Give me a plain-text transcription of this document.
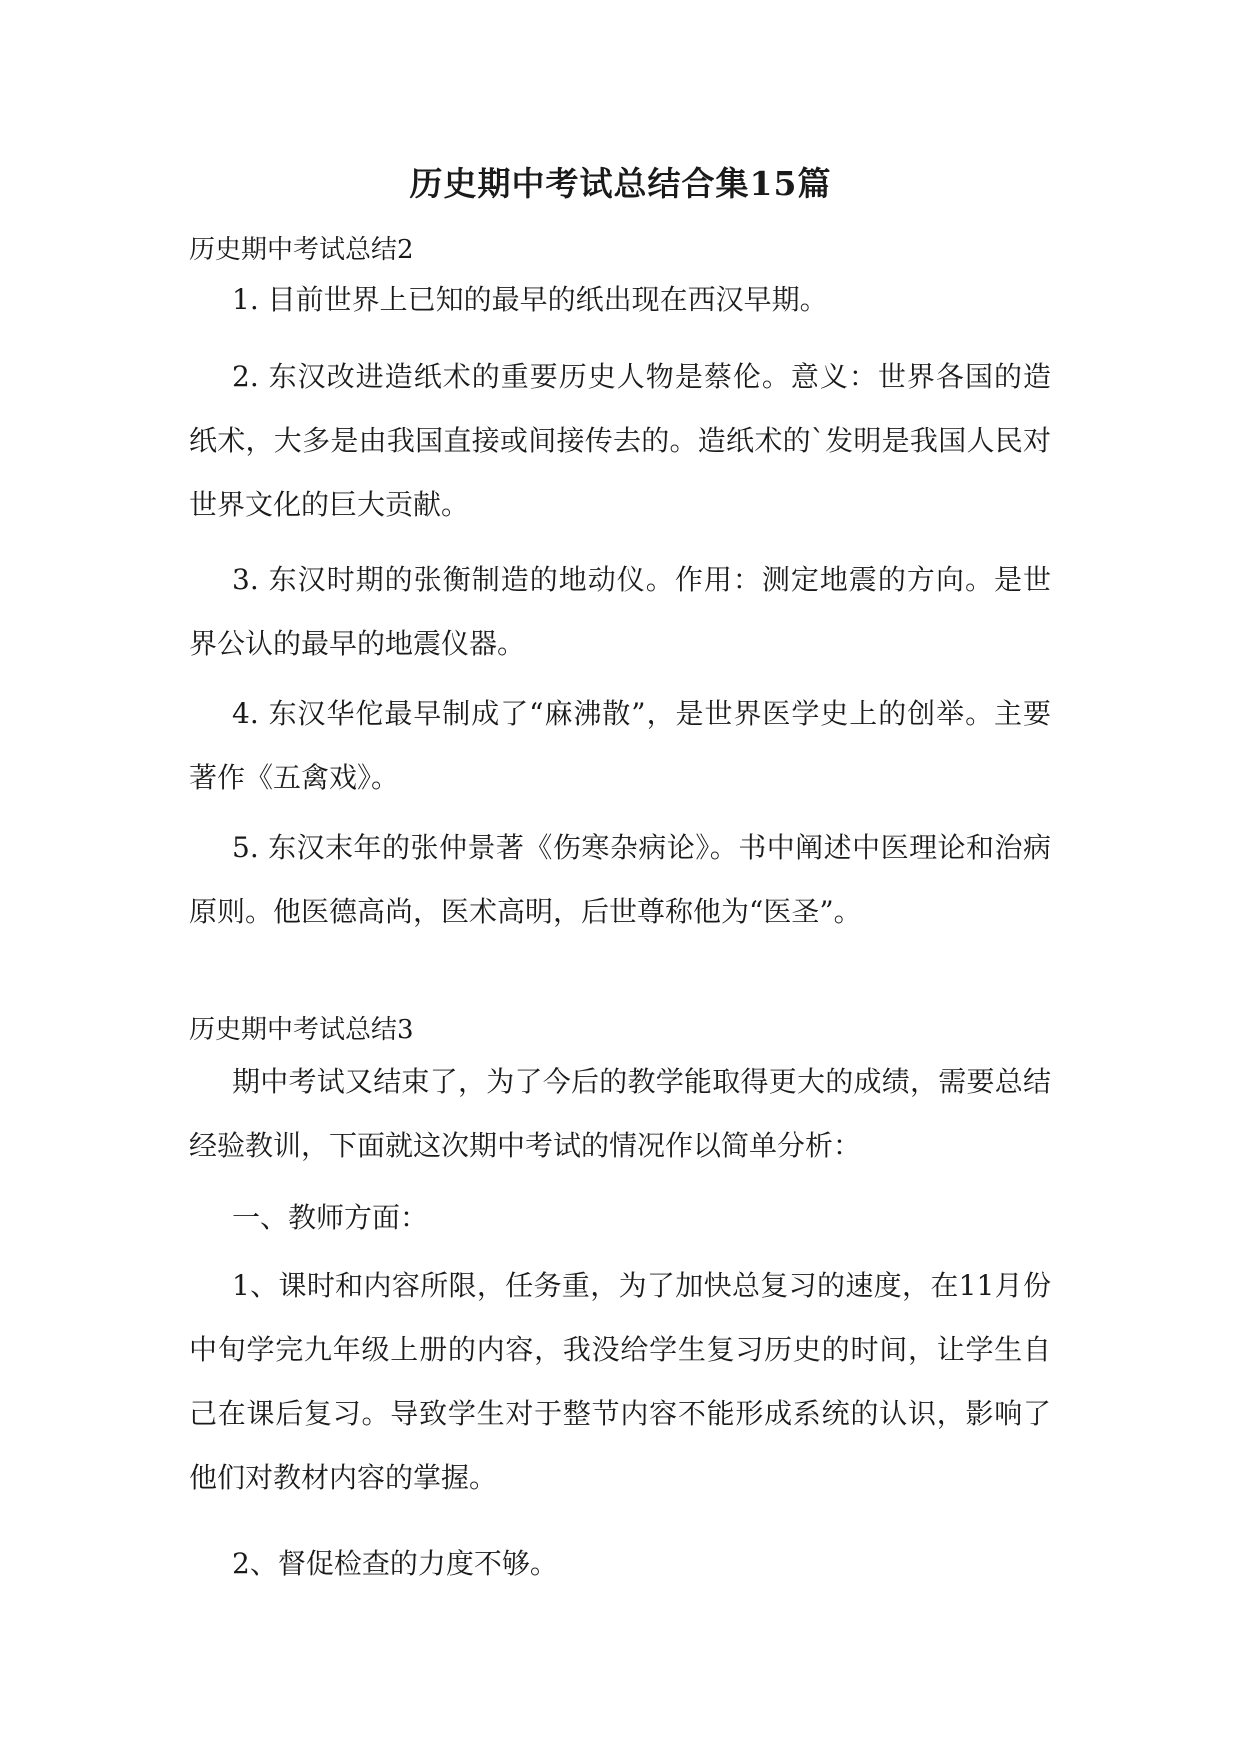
历史期中考试总结合集15篇
历史期中考试总结2

1. 目前世界上已知的最早的纸出现在西汉早期。

2. 东汉改进造纸术的重要历史人物是蔡伦。意义：世界各国的造纸术，大多是由我国直接或间接传去的。造纸术的`发明是我国人民对世界文化的巨大贡献。

3. 东汉时期的张衡制造的地动仪。作用：测定地震的方向。是世界公认的最早的地震仪器。

4. 东汉华佗最早制成了“麻沸散”，是世界医学史上的创举。主要著作《五禽戏》。

5. 东汉末年的张仲景著《伤寒杂病论》。书中阐述中医理论和治病原则。他医德高尚，医术高明，后世尊称他为“医圣”。

历史期中考试总结3

期中考试又结束了，为了今后的教学能取得更大的成绩，需要总结经验教训，下面就这次期中考试的情况作以简单分析：

一、教师方面：

1、课时和内容所限，任务重，为了加快总复习的速度，在11月份中旬学完九年级上册的内容，我没给学生复习历史的时间，让学生自己在课后复习。导致学生对于整节内容不能形成系统的认识，影响了他们对教材内容的掌握。

2、督促检查的力度不够。
